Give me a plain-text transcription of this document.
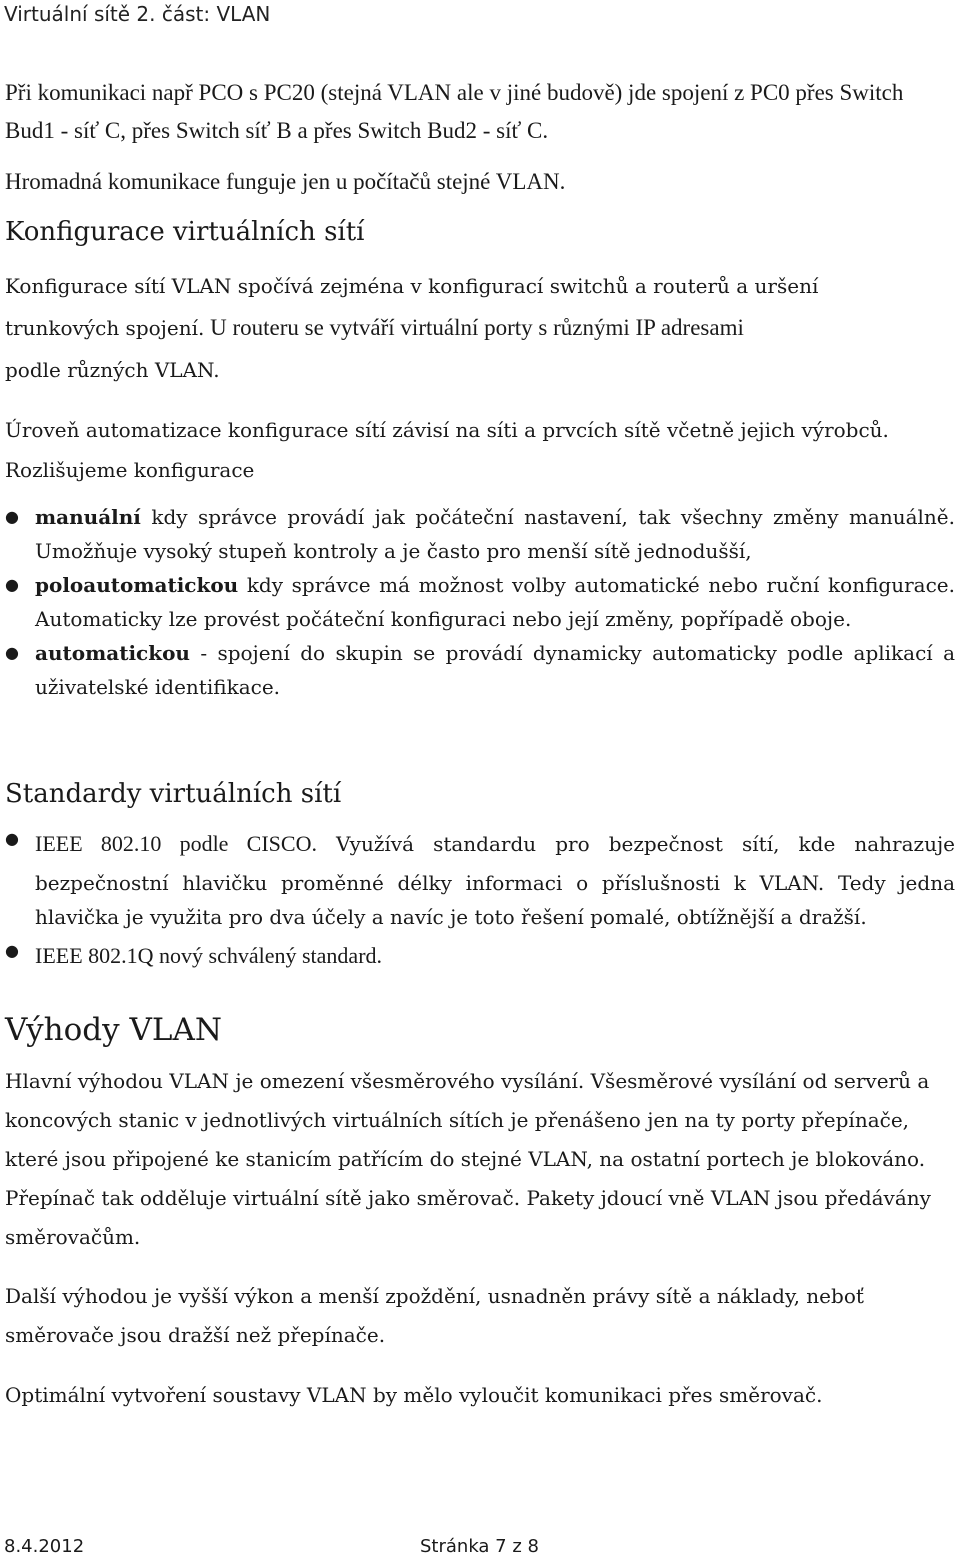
Virtuální sítě 2. část: VLAN

Při komunikaci např PCO s PC20 (stejná VLAN ale v jiné budově) jde spojení z PC0 přes Switch Bud1 - síť C, přes Switch síť B a přes Switch Bud2 - síť C.

Hromadná komunikace funguje jen u počítačů stejné VLAN.

Konfigurace virtuálních sítí

Konfigurace sítí VLAN spočívá zejména v konfigurací switchů a routerů a uršení
trunkových spojení. U routeru se vytváří virtuální porty s různými IP adresami
podle různých VLAN.

Úroveň automatizace konfigurace sítí závisí na síti a prvcích sítě včetně jejich výrobců. Rozlišujeme konfigurace

● manuální kdy správce provádí jak počáteční nastavení, tak všechny změny manuálně. Umožňuje vysoký stupeň kontroly a je často pro menší sítě jednodušší,
● poloautomatickou kdy správce má možnost volby automatické nebo ruční konfigurace. Automaticky lze provést počáteční konfiguraci nebo její změny, popřípadě oboje.
● automatickou - spojení do skupin se provádí dynamicky automaticky podle aplikací a uživatelské identifikace.
Standardy virtuálních sítí
● IEEE 802.10 podle CISCO. Využívá standardu pro bezpečnost sítí, kde nahrazuje bezpečnostní hlavičku proměnné délky informaci o příslušnosti k VLAN. Tedy jedna hlavička je využita pro dva účely a navíc je toto řešení pomalé, obtížnější a dražší.
● IEEE 802.1Q nový schválený standard.
Výhody VLAN

Hlavní výhodou VLAN je omezení všesměrového vysílání. Všesměrové vysílání od serverů a koncových stanic v jednotlivých virtuálních sítích je přenášeno jen na ty porty přepínače, které jsou připojené ke stanicím patřícím do stejné VLAN, na ostatní portech je blokováno. Přepínač tak odděluje virtuální sítě jako směrovač. Pakety jdoucí vně VLAN jsou předávány směrovačům.

Další výhodou je vyšší výkon a menší zpoždění, usnadněn právy sítě a náklady, neboť směrovače jsou dražší než přepínače.

Optimální vytvoření soustavy VLAN by mělo vyloučit komunikaci přes směrovač.

8.4.2012	Stránka 7 z 8
